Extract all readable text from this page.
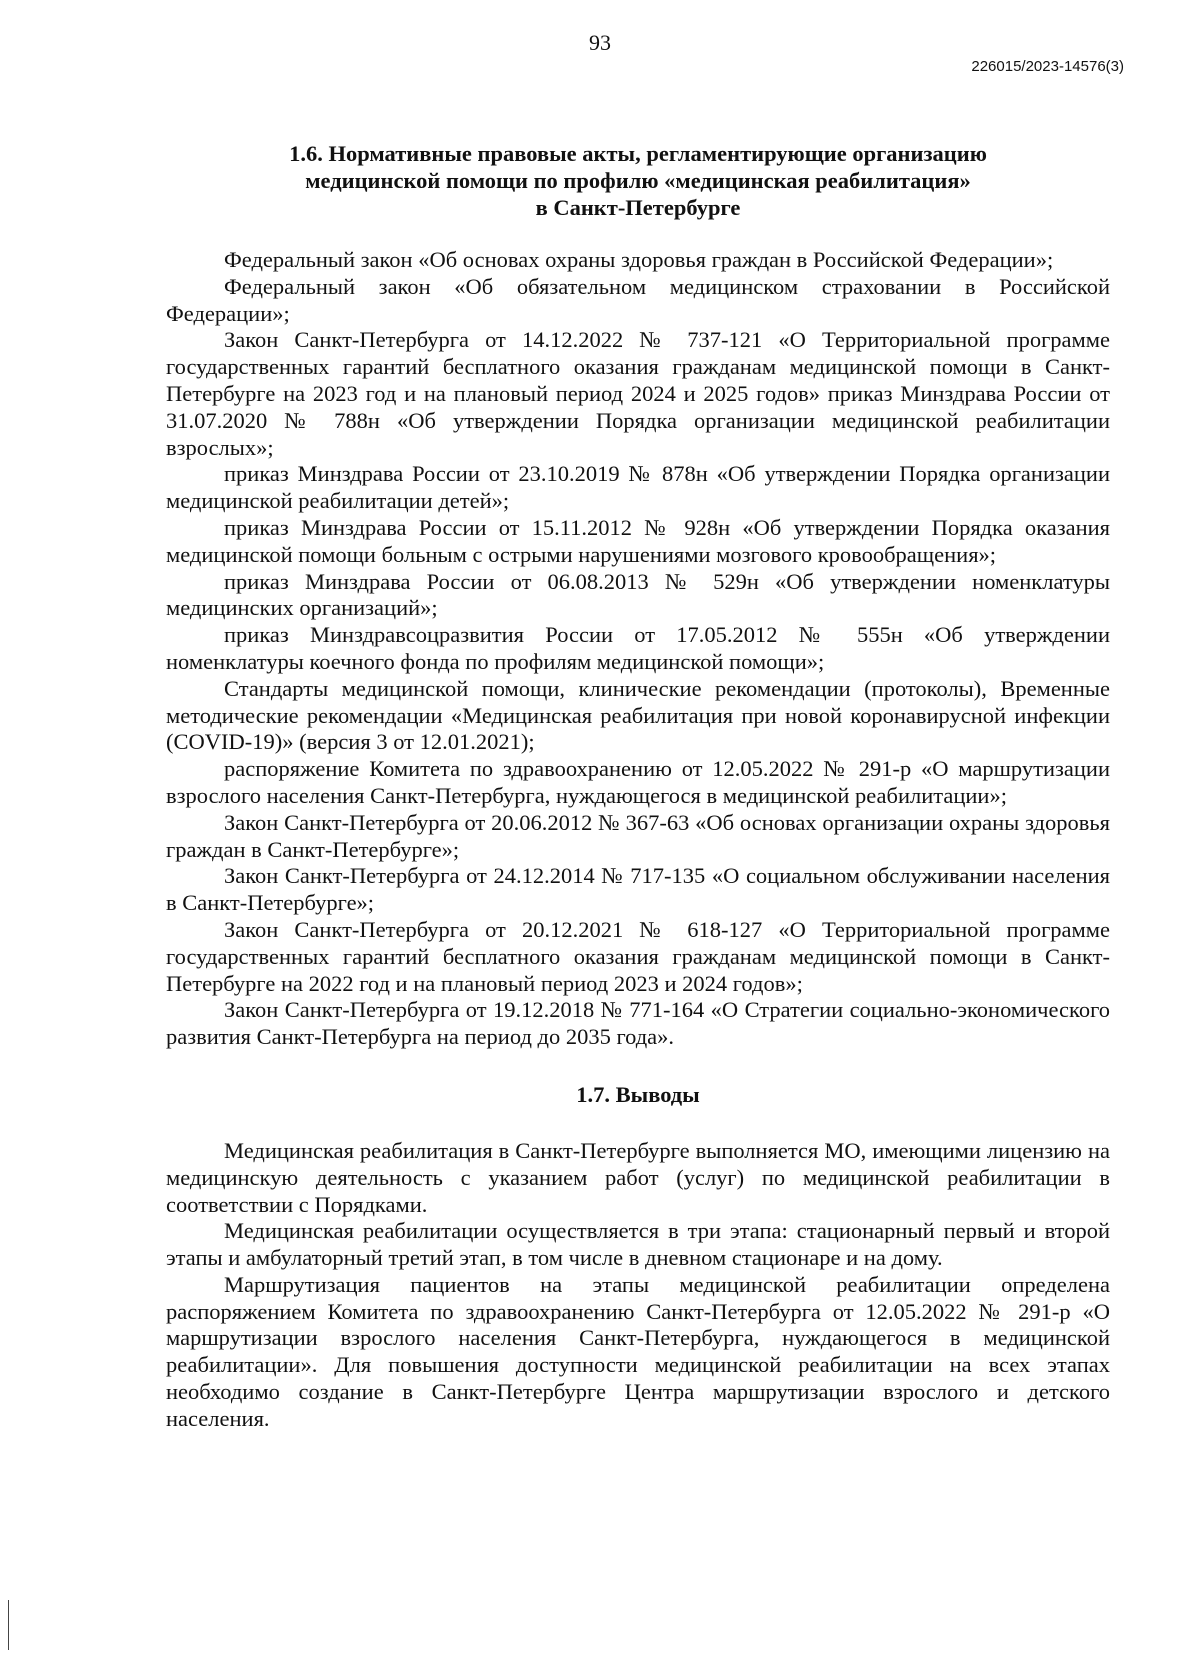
93
226015/2023-14576(3)
1.6. Нормативные правовые акты, регламентирующие организацию
медицинской помощи по профилю «медицинская реабилитация»
в Санкт-Петербурге

Федеральный закон «Об основах охраны здоровья граждан в Российской Федерации»;

Федеральный закон «Об обязательном медицинском страховании в Российской Федерации»;

Закон Санкт-Петербурга от 14.12.2022 № 737-121 «О Территориальной программе государственных гарантий бесплатного оказания гражданам медицинской помощи в Санкт-Петербурге на 2023 год и на плановый период 2024 и 2025 годов» приказ Минздрава России от 31.07.2020 № 788н «Об утверждении Порядка организации медицинской реабилитации взрослых»;

приказ Минздрава России от 23.10.2019 № 878н «Об утверждении Порядка организации медицинской реабилитации детей»;

приказ Минздрава России от 15.11.2012 № 928н «Об утверждении Порядка оказания медицинской помощи больным с острыми нарушениями мозгового кровообращения»;

приказ Минздрава России от 06.08.2013 № 529н «Об утверждении номенклатуры медицинских организаций»;

приказ Минздравсоцразвития России от 17.05.2012 № 555н «Об утверждении номенклатуры коечного фонда по профилям медицинской помощи»;

Стандарты медицинской помощи, клинические рекомендации (протоколы), Временные методические рекомендации «Медицинская реабилитация при новой коронавирусной инфекции (COVID-19)» (версия 3 от 12.01.2021);

распоряжение Комитета по здравоохранению от 12.05.2022 № 291-р «О маршрутизации взрослого населения Санкт-Петербурга, нуждающегося в медицинской реабилитации»;

Закон Санкт-Петербурга от 20.06.2012 № 367-63 «Об основах организации охраны здоровья граждан в Санкт-Петербурге»;

Закон Санкт-Петербурга от 24.12.2014 № 717-135 «О социальном обслуживании населения в Санкт-Петербурге»;

Закон Санкт-Петербурга от 20.12.2021 № 618-127 «О Территориальной программе государственных гарантий бесплатного оказания гражданам медицинской помощи в Санкт-Петербурге на 2022 год и на плановый период 2023 и 2024 годов»;

Закон Санкт-Петербурга от 19.12.2018 № 771-164 «О Стратегии социально-экономического развития Санкт-Петербурга на период до 2035 года».

1.7. Выводы

Медицинская реабилитация в Санкт-Петербурге выполняется МО, имеющими лицензию на медицинскую деятельность с указанием работ (услуг) по медицинской реабилитации в соответствии с Порядками.

Медицинская реабилитации осуществляется в три этапа: стационарный первый и второй этапы и амбулаторный третий этап, в том числе в дневном стационаре и на дому.

Маршрутизация пациентов на этапы медицинской реабилитации определена распоряжением Комитета по здравоохранению Санкт-Петербурга от 12.05.2022 № 291-р «О маршрутизации взрослого населения Санкт-Петербурга, нуждающегося в медицинской реабилитации». Для повышения доступности медицинской реабилитации на всех этапах необходимо создание в Санкт-Петербурге Центра маршрутизации взрослого и детского населения.
